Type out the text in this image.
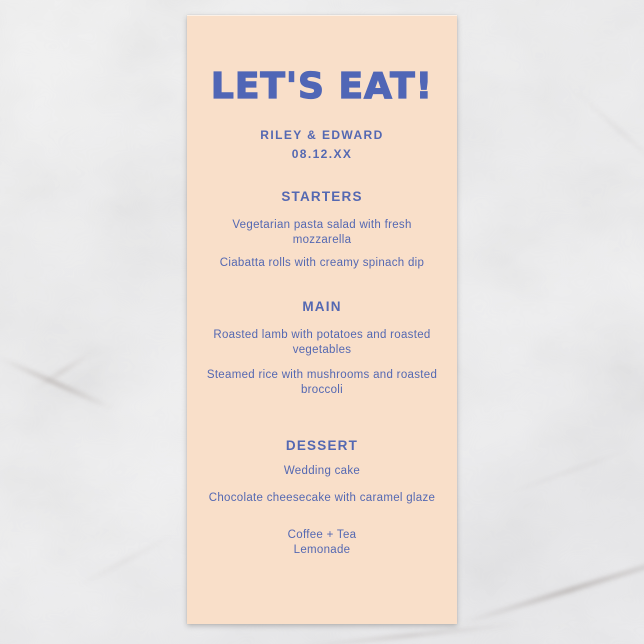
LET'S EAT!
RILEY & EDWARD
08.12.XX
STARTERS

Vegetarian pasta salad with fresh mozzarella

Ciabatta rolls with creamy spinach dip

MAIN

Roasted lamb with potatoes and roasted vegetables

Steamed rice with mushrooms and roasted broccoli

DESSERT

Wedding cake

Chocolate cheesecake with caramel glaze

Coffee + Tea

Lemonade
